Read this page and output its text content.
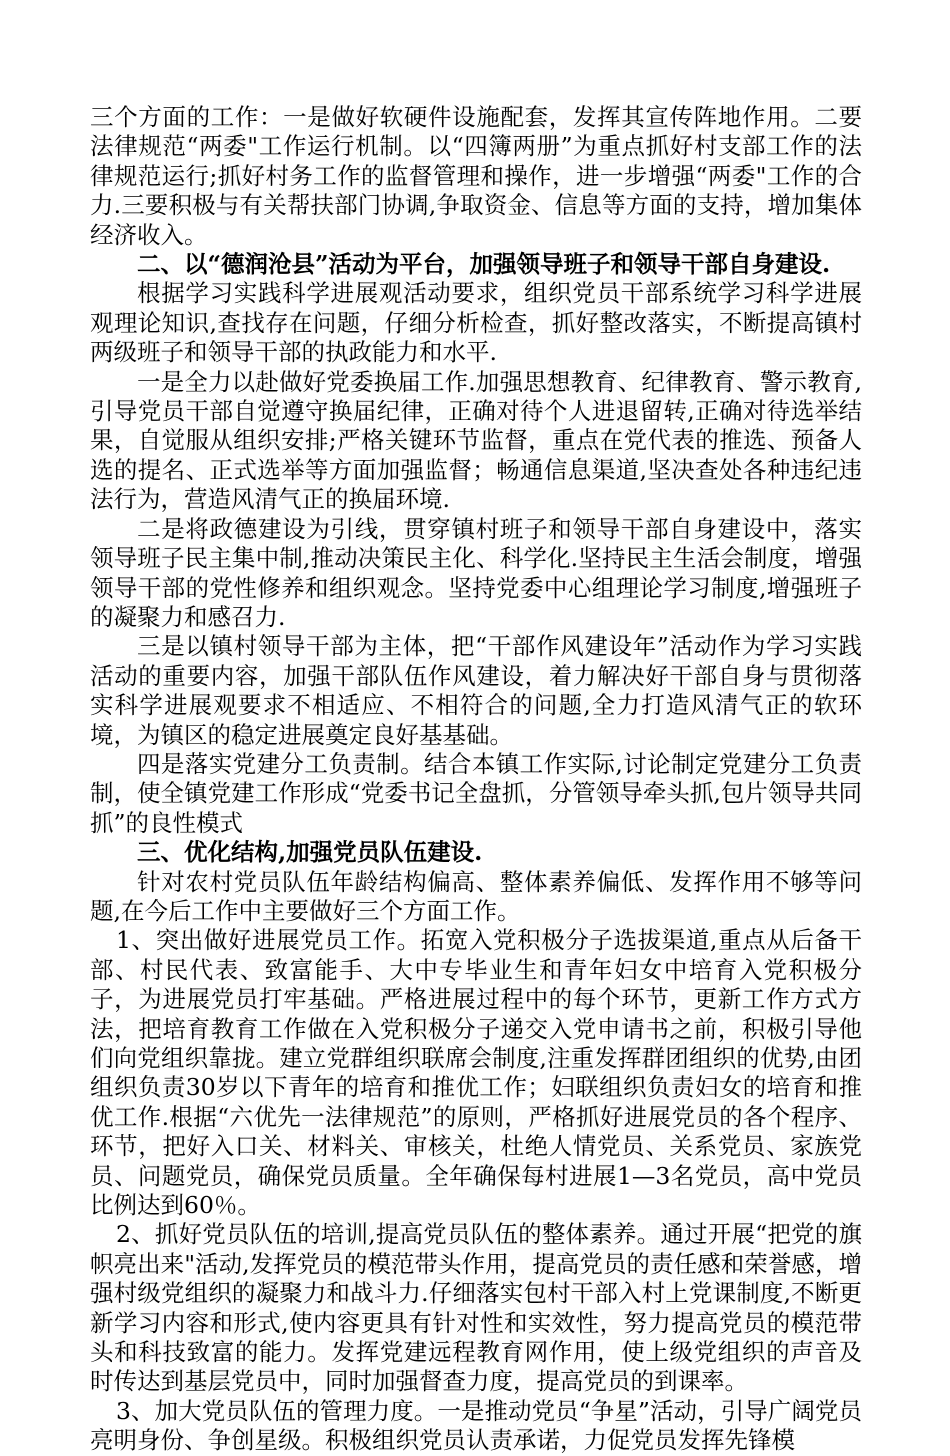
三个方面的工作：一是做好软硬件设施配套，发挥其宣传阵地作用。二要法律规范“两委"工作运行机制。以“四簿两册”为重点抓好村支部工作的法律规范运行;抓好村务工作的监督管理和操作，进一步增强“两委"工作的合力.三要积极与有关帮扶部门协调,争取资金、信息等方面的支持，增加集体经济收入。

二、以“德润沧县”活动为平台，加强领导班子和领导干部自身建设.

根据学习实践科学进展观活动要求，组织党员干部系统学习科学进展观理论知识,查找存在问题，仔细分析检查，抓好整改落实，不断提高镇村两级班子和领导干部的执政能力和水平.

一是全力以赴做好党委换届工作.加强思想教育、纪律教育、警示教育,引导党员干部自觉遵守换届纪律，正确对待个人进退留转,正确对待选举结果，自觉服从组织安排;严格关键环节监督，重点在党代表的推选、预备人选的提名、正式选举等方面加强监督；畅通信息渠道,坚决查处各种违纪违法行为，营造风清气正的换届环境.

二是将政德建设为引线，贯穿镇村班子和领导干部自身建设中，落实领导班子民主集中制,推动决策民主化、科学化.坚持民主生活会制度，增强领导干部的党性修养和组织观念。坚持党委中心组理论学习制度,增强班子的凝聚力和感召力.

三是以镇村领导干部为主体，把“干部作风建设年”活动作为学习实践活动的重要内容，加强干部队伍作风建设，着力解决好干部自身与贯彻落实科学进展观要求不相适应、不相符合的问题,全力打造风清气正的软环境，为镇区的稳定进展奠定良好基基础。

四是落实党建分工负责制。结合本镇工作实际,讨论制定党建分工负责制，使全镇党建工作形成“党委书记全盘抓，分管领导牵头抓,包片领导共同抓”的良性模式

三、优化结构,加强党员队伍建设.

针对农村党员队伍年龄结构偏高、整体素养偏低、发挥作用不够等问题,在今后工作中主要做好三个方面工作。

1、突出做好进展党员工作。拓宽入党积极分子选拔渠道,重点从后备干部、村民代表、致富能手、大中专毕业生和青年妇女中培育入党积极分子，为进展党员打牢基础。严格进展过程中的每个环节，更新工作方式方法，把培育教育工作做在入党积极分子递交入党申请书之前，积极引导他们向党组织靠拢。建立党群组织联席会制度,注重发挥群团组织的优势,由团组织负责30岁以下青年的培育和推优工作；妇联组织负责妇女的培育和推优工作.根据“六优先一法律规范”的原则，严格抓好进展党员的各个程序、环节，把好入口关、材料关、审核关，杜绝人情党员、关系党员、家族党员、问题党员，确保党员质量。全年确保每村进展1—3名党员，高中党员比例达到60％。

2、抓好党员队伍的培训,提高党员队伍的整体素养。通过开展“把党的旗帜亮出来"活动,发挥党员的模范带头作用，提高党员的责任感和荣誉感，增强村级党组织的凝聚力和战斗力.仔细落实包村干部入村上党课制度,不断更新学习内容和形式,使内容更具有针对性和实效性，努力提高党员的模范带头和科技致富的能力。发挥党建远程教育网作用，使上级党组织的声音及时传达到基层党员中，同时加强督查力度，提高党员的到课率。

3、加大党员队伍的管理力度。一是推动党员“争星”活动，引导广阔党员亮明身份、争创星级。积极组织党员认责承诺，力促党员发挥先锋模
